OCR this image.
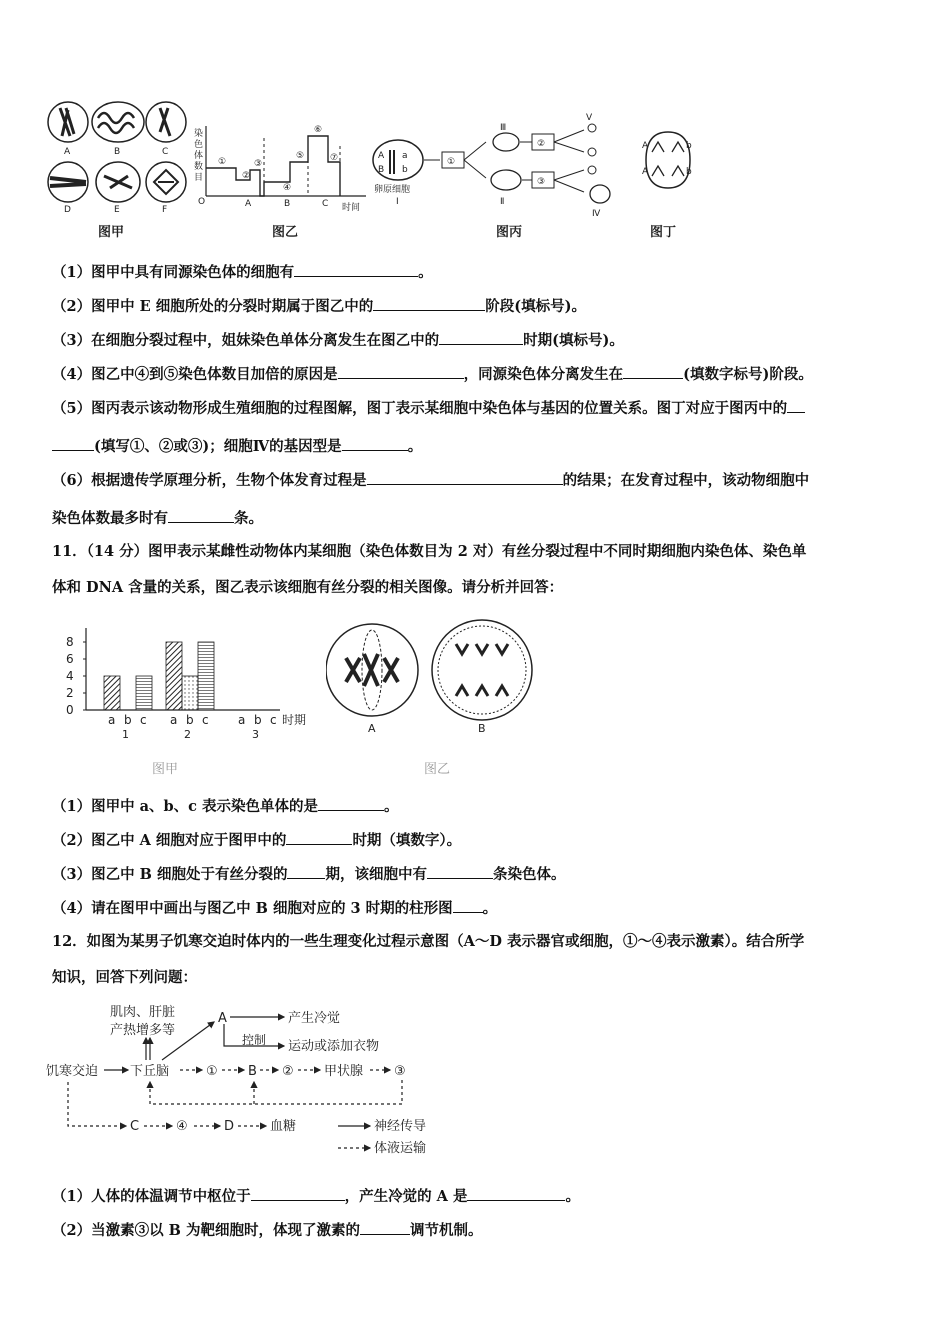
A	B	C
D	E	F
图甲
染
色
体
数
目
O
①
②
③
④
⑤
⑥
⑦
A	B	C 时间
图乙
A a
B b
卵原细胞
Ⅰ
①
Ⅲ
Ⅱ
②
③
Ⅴ
Ⅳ
图丙
A	b
A	b
图丁
（1）图甲中具有同源染色体的细胞有	。
（2）图甲中 E 细胞所处的分裂时期属于图乙中的	阶段(填标号)。
（3）在细胞分裂过程中，姐妹染色单体分离发生在图乙中的	时期(填标号)。
（4）图乙中④到⑤染色体数目加倍的原因是	，同源染色体分离发生在	(填数字标号)阶段。
（5）图丙表示该动物形成生殖细胞的过程图解，图丁表示某细胞中染色体与基因的位置关系。图丁对应于图丙中的
(填写①、②或③)；细胞Ⅳ的基因型是	。
（6）根据遗传学原理分析，生物个体发育过程是	的结果；在发育过程中，该动物细胞中
染色体数最多时有	条。
11．（14 分）图甲表示某雌性动物体内某细胞（染色体数目为 2 对）有丝分裂过程中不同时期细胞内染色体、染色单
体和 DNA 含量的关系，图乙表示该细胞有丝分裂的相关图像。请分析并回答：
0
2
4
6
8
a b c
1
a b c
2
a b c
3
时期
图甲
A	B
图乙
（1）图甲中 a、b、c 表示染色单体的是	。
（2）图乙中 A 细胞对应于图甲中的	时期（填数字）。
（3）图乙中 B 细胞处于有丝分裂的	期，该细胞中有	条染色体。
（4）请在图甲中画出与图乙中 B 细胞对应的 3 时期的柱形图 。
12．如图为某男子饥寒交迫时体内的一些生理变化过程示意图（A～D 表示器官或细胞，①～④表示激素）。结合所学
知识，回答下列问题：
肌肉、肝脏
产热增多等
A	产生冷觉
控制 运动或添加衣物
饥寒交迫 下丘脑	① B ② 甲状腺 ③
C	④	D	血糖	神经传导
体液运输
（1）人体的体温调节中枢位于	，产生冷觉的 A 是	。
（2）当激素③以 B 为靶细胞时，体现了激素的	调节机制。
